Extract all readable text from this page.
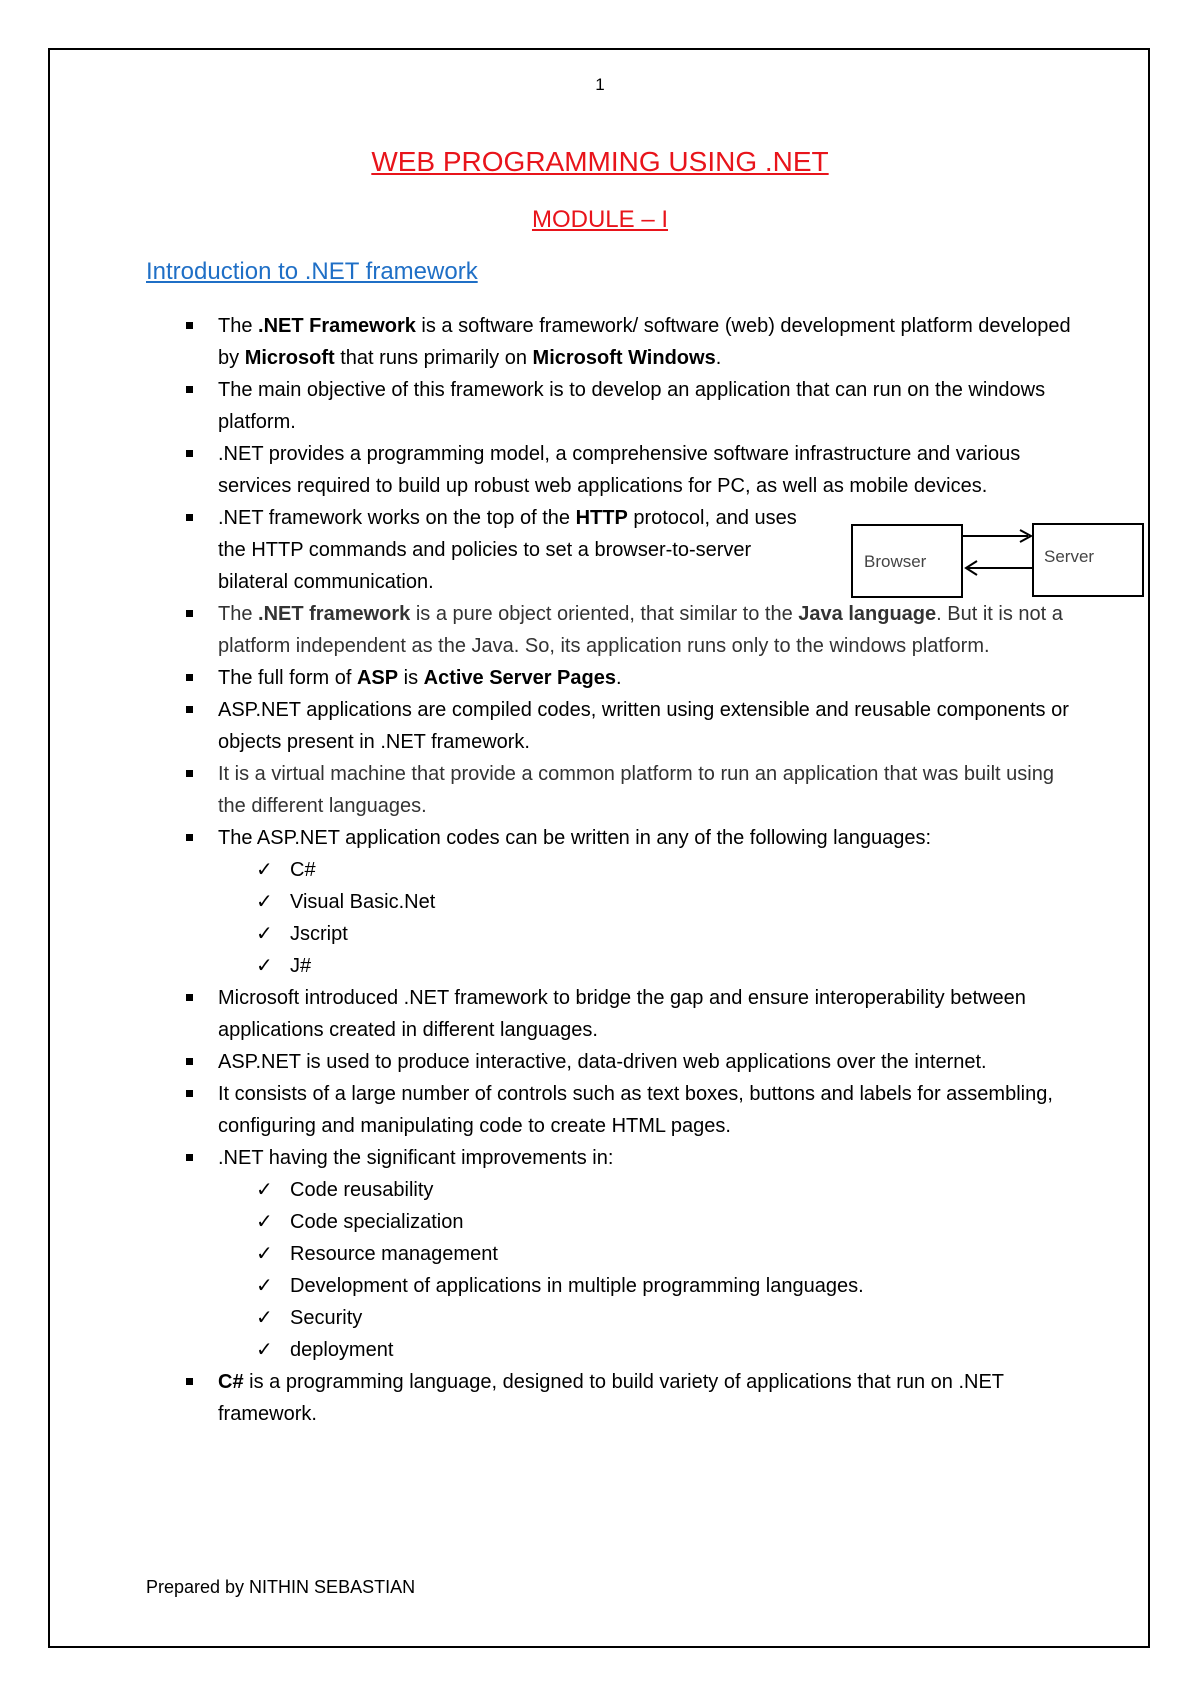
1
WEB PROGRAMMING USING .NET
MODULE – I
Introduction to .NET framework
The .NET Framework is a software framework/ software (web) development platform developed by Microsoft that runs primarily on Microsoft Windows.
The main objective of this framework is to develop an application that can run on the windows platform.
.NET provides a programming model, a comprehensive software infrastructure and various services required to build up robust web applications for PC, as well as mobile devices.
.NET framework works on the top of the HTTP protocol, and uses the HTTP commands and policies to set a browser-to-server bilateral communication.
The .NET framework is a pure object oriented, that similar to the Java language. But it is not a platform independent as the Java. So, its application runs only to the windows platform.
The full form of ASP is Active Server Pages.
ASP.NET applications are compiled codes, written using extensible and reusable components or objects present in .NET framework.
It is a virtual machine that provide a common platform to run an application that was built using the different languages.
The ASP.NET application codes can be written in any of the following languages:
✓ C#
✓ Visual Basic.Net
✓ Jscript
✓ J#
Microsoft introduced .NET framework to bridge the gap and ensure interoperability between applications created in different languages.
ASP.NET is used to produce interactive, data-driven web applications over the internet.
It consists of a large number of controls such as text boxes, buttons and labels for assembling, configuring and manipulating code to create HTML pages.
.NET having the significant improvements in:
✓ Code reusability
✓ Code specialization
✓ Resource management
✓ Development of applications in multiple programming languages.
✓ Security
✓ deployment
C# is a programming language, designed to build variety of applications that run on .NET framework.
Browser	Server
Prepared by NITHIN SEBASTIAN
